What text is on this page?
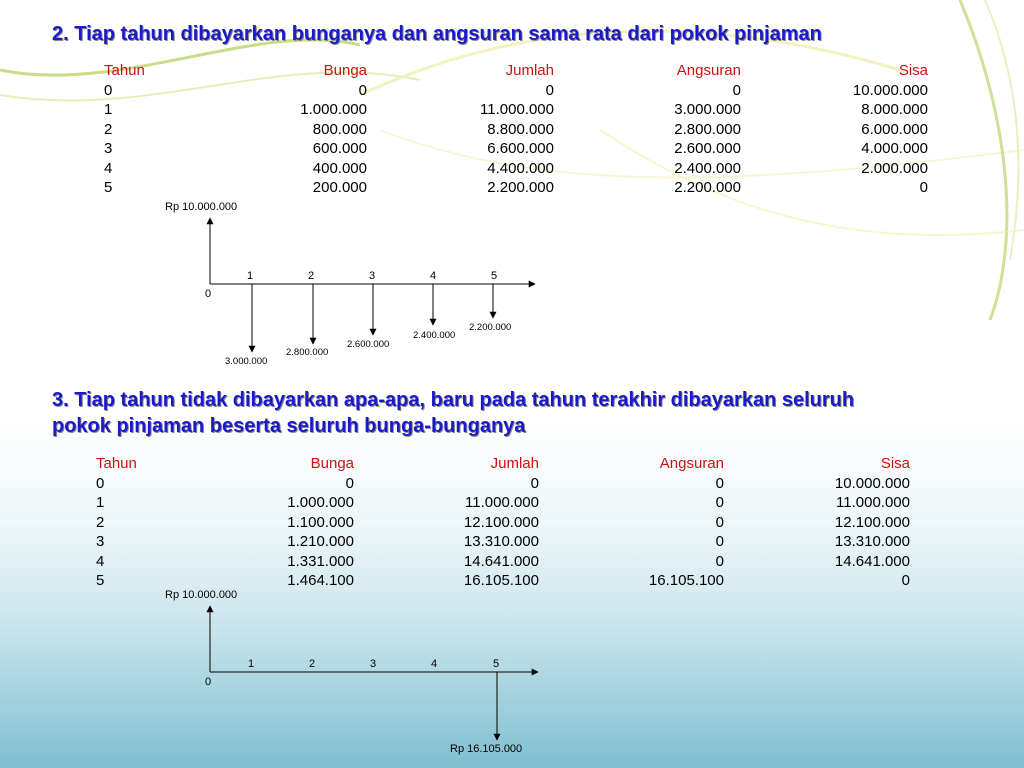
2. Tiap tahun dibayarkan bunganya dan angsuran sama rata dari pokok pinjaman
Tahun	Bunga	Jumlah	Angsuran	Sisa
0	0	0	0	10.000.000
1	1.000.000	11.000.000	3.000.000	8.000.000
2	800.000	8.800.000	2.800.000	6.000.000
3	600.000	6.600.000	2.600.000	4.000.000
4	400.000	4.400.000	2.400.000	2.000.000
5	200.000	2.200.000	2.200.000	0
Rp 10.000.000
0
1	2	3	4	5
3.000.000
2.800.000
2.600.000
2.400.000
2.200.000
3. Tiap tahun tidak dibayarkan apa-apa, baru pada tahun terakhir dibayarkan seluruh
pokok pinjaman beserta seluruh bunga-bunganya
Tahun	Bunga	Jumlah	Angsuran	Sisa
0	0	0	0	10.000.000
1	1.000.000	11.000.000	0	11.000.000
2	1.100.000	12.100.000	0	12.100.000
3	1.210.000	13.310.000	0	13.310.000
4	1.331.000	14.641.000	0	14.641.000
5	1.464.100	16.105.100	16.105.100	0
Rp 10.000.000
0
1	2	3	4	5
Rp 16.105.000
